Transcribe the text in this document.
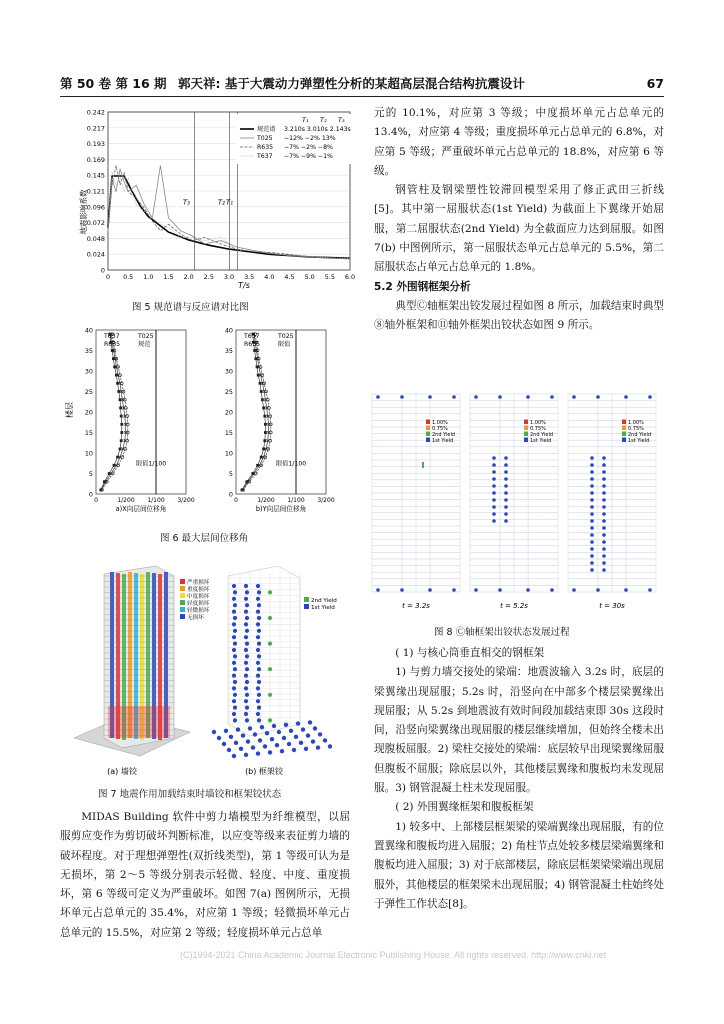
第 50 卷 第 16 期 郭天祥: 基于大震动力弹塑性分析的某超高层混合结构抗震设计	67
地震影响系数
0
0.024
0.048
0.072
0.096
0.121
0.145
0.169
0.193
0.217
0.242
0 0.5 1.0 1.5 2.0 2.5 3.0 3.5 4.0 4.5 5.0 5.5 6.0
T₃	T₂ T₁
T₁ T₂ T₃
规范谱 3.210s 3.010s 2.143s
T025 −12% −2% 13%
R635 −7% −2% −8%
T637 −7% −9% −1%
T/s
图 5 规范谱与反应谱对比图
楼层
0
5
10
15
20
25
30
35
40
0	1/200 1/100 3/200
限值1/100
T637	T025
R635	规范
a)X向层间位移角
0
5
10
15
20
25
30
35
40
0	1/200 1/100 3/200
限值1/100
T637	T025
R635	限值
b)Y向层间位移角
图 6 最大层间位移角
严重损坏
重度损坏
中度损坏
轻度损坏
轻微损坏
无损坏
2nd Yield
1st Yield
(a) 墙铰	(b) 框架铰
图 7 地震作用加载结束时墙铰和框架铰状态

MIDAS Building 软件中剪力墙模型为纤维模型，以屈服剪应变作为剪切破坏判断标准，以应变等级来表征剪力墙的破坏程度。对于理想弹塑性(双折线类型)，第 1 等级可认为是无损坏，第 2～5 等级分别表示轻微、轻度、中度、重度损坏，第 6 等级可定义为严重破坏。如图 7(a) 图例所示，无损坏单元占总单元的 35.4%，对应第 1 等级；轻微损坏单元占总单元的 15.5%，对应第 2 等级；轻度损坏单元占总单

元的 10.1%，对应第 3 等级；中度损坏单元占总单元的 13.4%，对应第 4 等级；重度损坏单元占总单元的 6.8%，对应第 5 等级；严重破坏单元占总单元的 18.8%，对应第 6 等级。

钢管柱及钢梁塑性铰滞回模型采用了修正武田三折线[5]。其中第一屈服状态(1st Yield) 为截面上下翼缘开始屈服，第二屈服状态(2nd Yield) 为全截面应力达到屈服。如图 7(b) 中图例所示，第一屈服状态单元占总单元的 5.5%，第二屈服状态占单元占总单元的 1.8%。

5.2 外围钢框架分析

典型Ⓒ轴框架出铰发展过程如图 8 所示，加载结束时典型⑧轴外框架和⑪轴外框架出铰状态如图 9 所示。

1.00%
0.75%
2nd Yield
1st Yield
t = 3.2s
1.00%
0.75%
2nd Yield
1st Yield
t = 5.2s
1.00%
0.75%
2nd Yield
1st Yield
t = 30s
图 8 Ⓒ轴框架出铰状态发展过程

( 1) 与核心筒垂直相交的钢框架

1) 与剪力墙交接处的梁端：地震波输入 3.2s 时，底层的梁翼缘出现屈服；5.2s 时，沿竖向在中部多个楼层梁翼缘出现屈服；从 5.2s 到地震波有效时间段加载结束即 30s 这段时间，沿竖向梁翼缘出现屈服的楼层继续增加，但始终全楼未出现腹板屈服。2) 梁柱交接处的梁端：底层较早出现梁翼缘屈服但腹板不屈服；除底层以外，其他楼层翼缘和腹板均未发现屈服。3) 钢管混凝土柱未发现屈服。

( 2) 外围翼缘框架和腹板框架

1) 较多中、上部楼层框架梁的梁端翼缘出现屈服，有的位置翼缘和腹板均进入屈服；2) 角柱节点处较多楼层梁端翼缘和腹板均进入屈服；3) 对于底部楼层，除底层框架梁梁端出现屈服外，其他楼层的框架梁未出现屈服；4) 钢管混凝土柱始终处于弹性工作状态[8]。

(C)1994-2021 China Academic Journal Electronic Publishing House. All rights reserved. http://www.cnki.net
